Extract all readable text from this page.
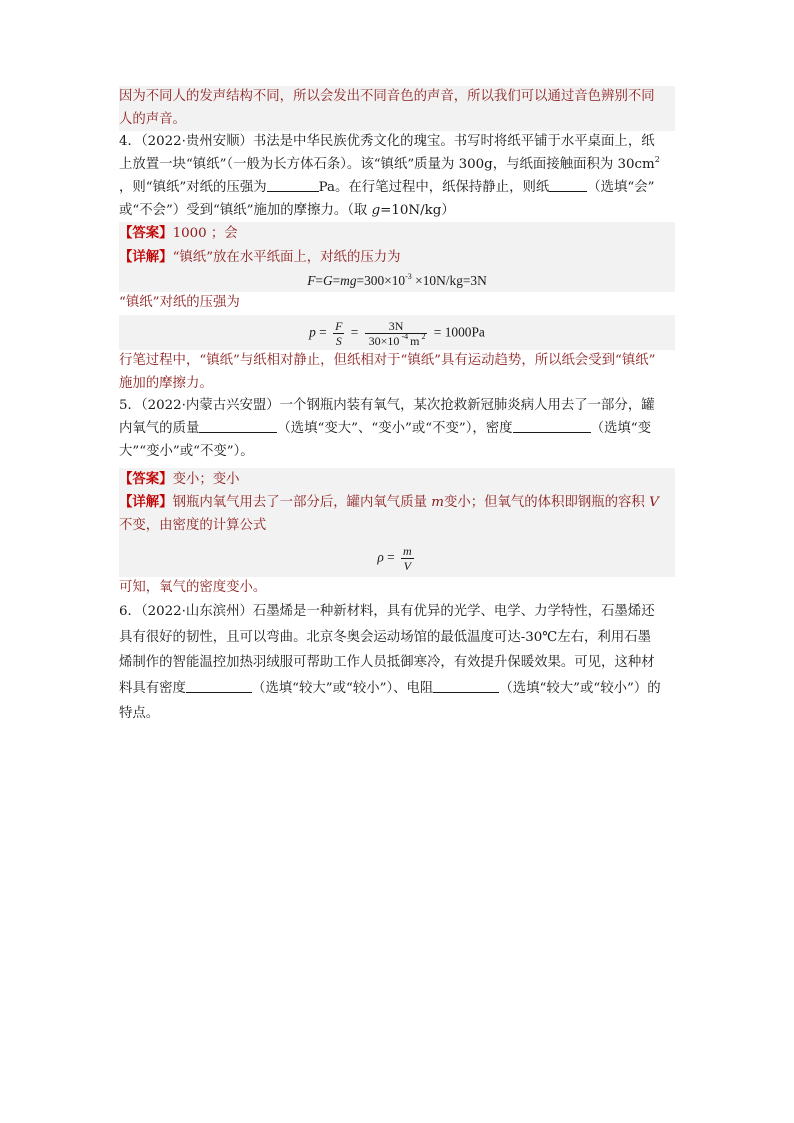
因为不同人的发声结构不同，所以会发出不同音色的声音，所以我们可以通过音色辨别不同

人的声音。

4．（2022·贵州安顺）书法是中华民族优秀文化的瑰宝。书写时将纸平铺于水平桌面上，纸

上放置一块“镇纸”（一般为长方体石条）。该“镇纸”质量为 300g，与纸面接触面积为 $30cm^2$

，则“镇纸”对纸的压强为	Pa。在行笔过程中，纸保持静止，则纸	（选填“会”

或“不会”）受到“镇纸”施加的摩擦力。（取 g=10N/kg）

【答案】1000 ；会

【详解】“镇纸”放在水平纸面上，对纸的压力为

$F=G=mg=300\times 10^{-3} \times 10N/kg=3N$

“镇纸”对纸的压强为

$p = \frac{F}{S} = \frac{3N}{30\times 10 ^{-4} m ^2} = 1000Pa$

行笔过程中，“镇纸”与纸相对静止，但纸相对于“镇纸”具有运动趋势，所以纸会受到“镇纸”

施加的摩擦力。

5．（2022·内蒙古兴安盟）一个钢瓶内装有氧气，某次抢救新冠肺炎病人用去了一部分，罐

内氧气的质量	（选填“变大”、“变小”或“不变”），密度	（选填“变

大”“变小”或“不变”）。

【答案】变小；变小

【详解】钢瓶内氧气用去了一部分后，罐内氧气质量 m变小；但氧气的体积即钢瓶的容积 V

不变，由密度的计算公式

$\rho = \frac{m}{V}$

可知，氧气的密度变小。

6．（2022·山东滨州）石墨烯是一种新材料，具有优异的光学、电学、力学特性，石墨烯还

具有很好的韧性，且可以弯曲。北京冬奥会运动场馆的最低温度可达-30℃左右，利用石墨

烯制作的智能温控加热羽绒服可帮助工作人员抵御寒冷，有效提升保暖效果。可见，这种材

料具有密度	（选填“较大”或“较小”）、电阻	（选填“较大”或“较小”）的

特点。
